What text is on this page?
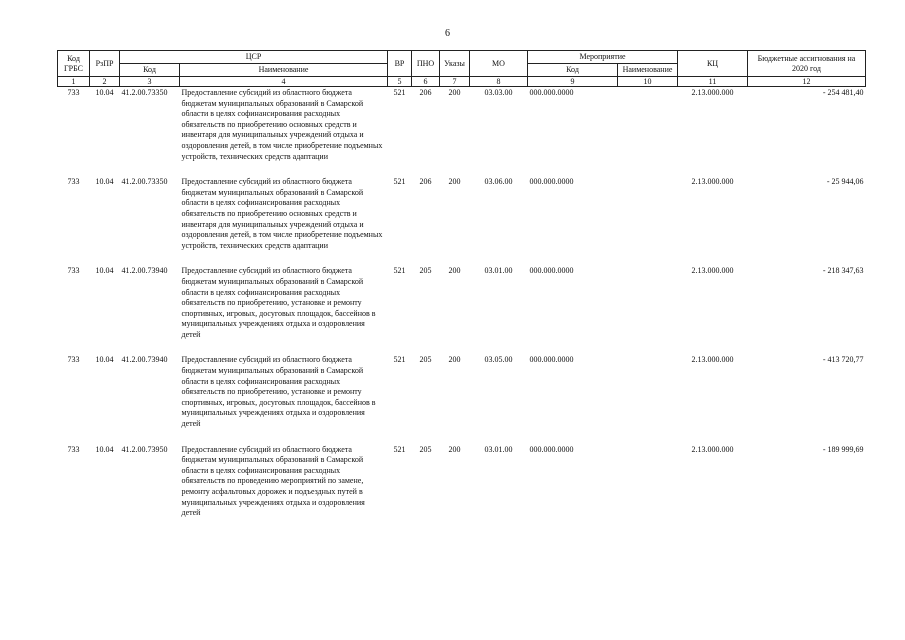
6
Код ГРБС	РзПР	ЦСР		ВР	ПНО	Указы	МО	Мероприятие		КЦ	Бюджетные ассигнования на 2020 год
		Код	Наименование					Код	Наименование		
1	2	3	4	5	6	7	8	9	10	11	12
733	10.04	41.2.00.73350	Предоставление субсидий из областного бюджета бюджетам муниципальных образований в Самарской области в целях софинансирования расходных обязательств по приобретению основных средств и инвентаря для муниципальных учреждений отдыха и оздоровления детей, в том числе приобретение подъемных устройств, технических средств адаптации	521	206	200	03.03.00	000.000.0000		2.13.000.000	- 254 481,40
733	10.04	41.2.00.73350	Предоставление субсидий из областного бюджета бюджетам муниципальных образований в Самарской области в целях софинансирования расходных обязательств по приобретению основных средств и инвентаря для муниципальных учреждений отдыха и оздоровления детей, в том числе приобретение подъемных устройств, технических средств адаптации	521	206	200	03.06.00	000.000.0000		2.13.000.000	- 25 944,06
733	10.04	41.2.00.73940	Предоставление субсидий из областного бюджета бюджетам муниципальных образований в Самарской области в целях софинансирования расходных обязательств по приобретению, установке и ремонту спортивных, игровых, досуговых площадок, бассейнов в муниципальных учреждениях отдыха и оздоровления детей	521	205	200	03.01.00	000.000.0000		2.13.000.000	- 218 347,63
733	10.04	41.2.00.73940	Предоставление субсидий из областного бюджета бюджетам муниципальных образований в Самарской области в целях софинансирования расходных обязательств по приобретению, установке и ремонту спортивных, игровых, досуговых площадок, бассейнов в муниципальных учреждениях отдыха и оздоровления детей	521	205	200	03.05.00	000.000.0000		2.13.000.000	- 413 720,77
733	10.04	41.2.00.73950	Предоставление субсидий из областного бюджета бюджетам муниципальных образований в Самарской области в целях софинансирования расходных обязательств по проведению мероприятий по замене, ремонту асфальтовых дорожек и подъездных путей в муниципальных учреждениях отдыха и оздоровления детей	521	205	200	03.01.00	000.000.0000		2.13.000.000	- 189 999,69
